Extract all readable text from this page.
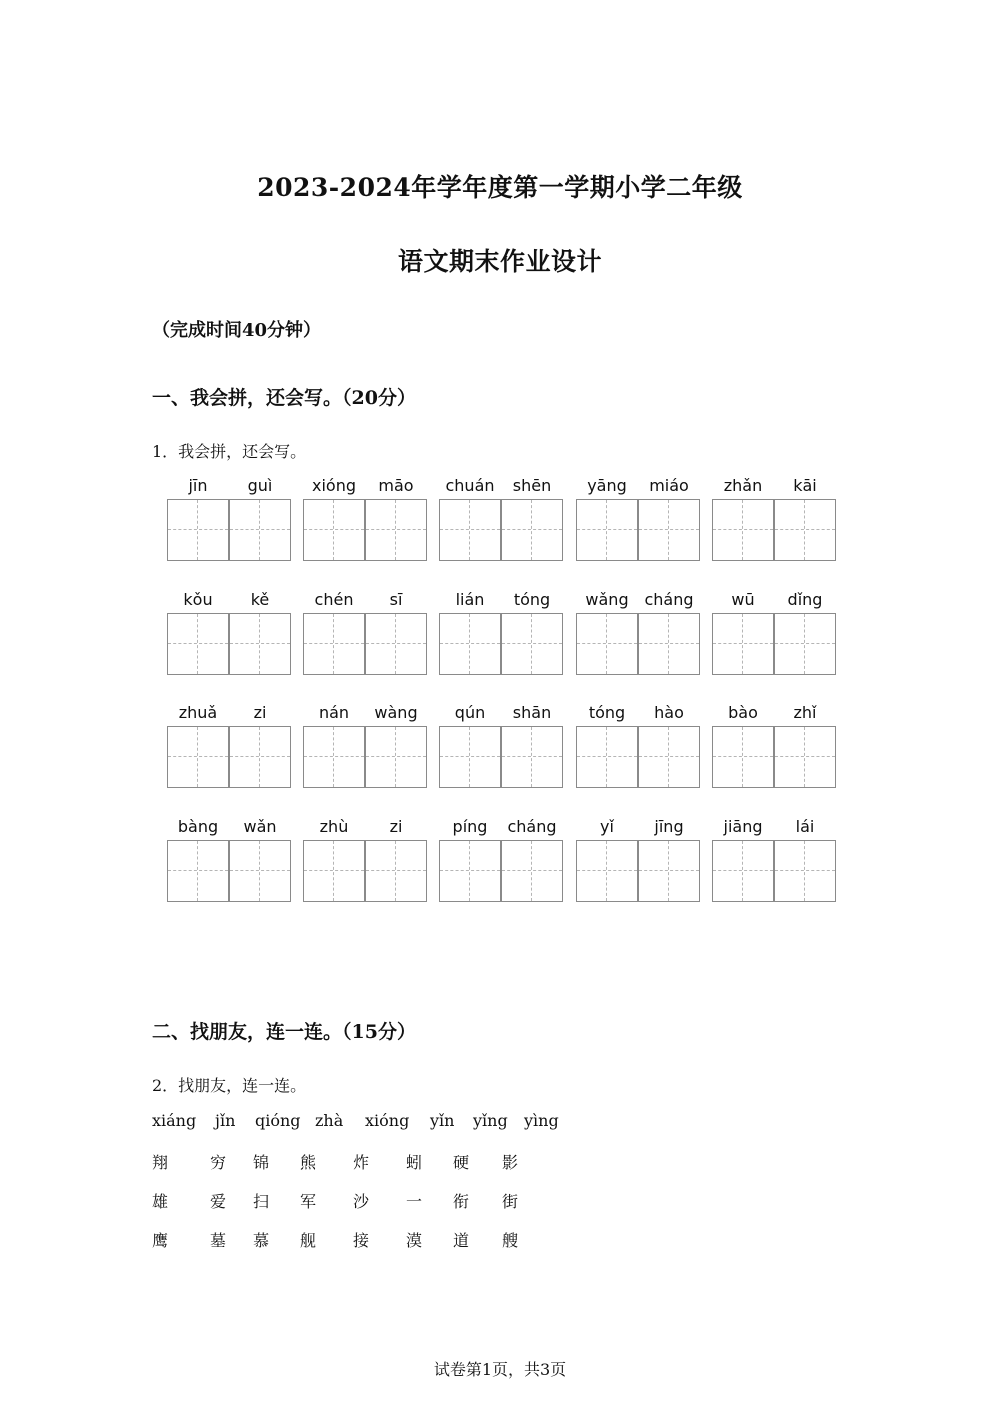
2023-2024年学年度第一学期小学二年级
语文期末作业设计
（完成时间40分钟）
一、我会拼，还会写。（20分）
1．我会拼，还会写。
jīn	guì	xióng	māo	chuán	shēn	yāng	miáo	zhǎn	kāi
kǒu	kě	chén	sī	lián	tóng	wǎng cháng	wū	dǐng
zhuǎ	zi	nán	wàng	qún	shān	tóng	hào	bào	zhǐ
bàng	wǎn	zhù	zi	píng	cháng	yǐ	jīng	jiāng	lái
二、找朋友，连一连。（15分）
2．找朋友，连一连。
xiáng jǐn qióng zhà xióng yǐn yǐng yìng
翔	穷 锦 熊 炸 蚓 硬 影
雄	爱 扫 军 沙 一 衔 街
鹰	墓 慕 舰 接 漠 道 艘
试卷第1页，共3页
